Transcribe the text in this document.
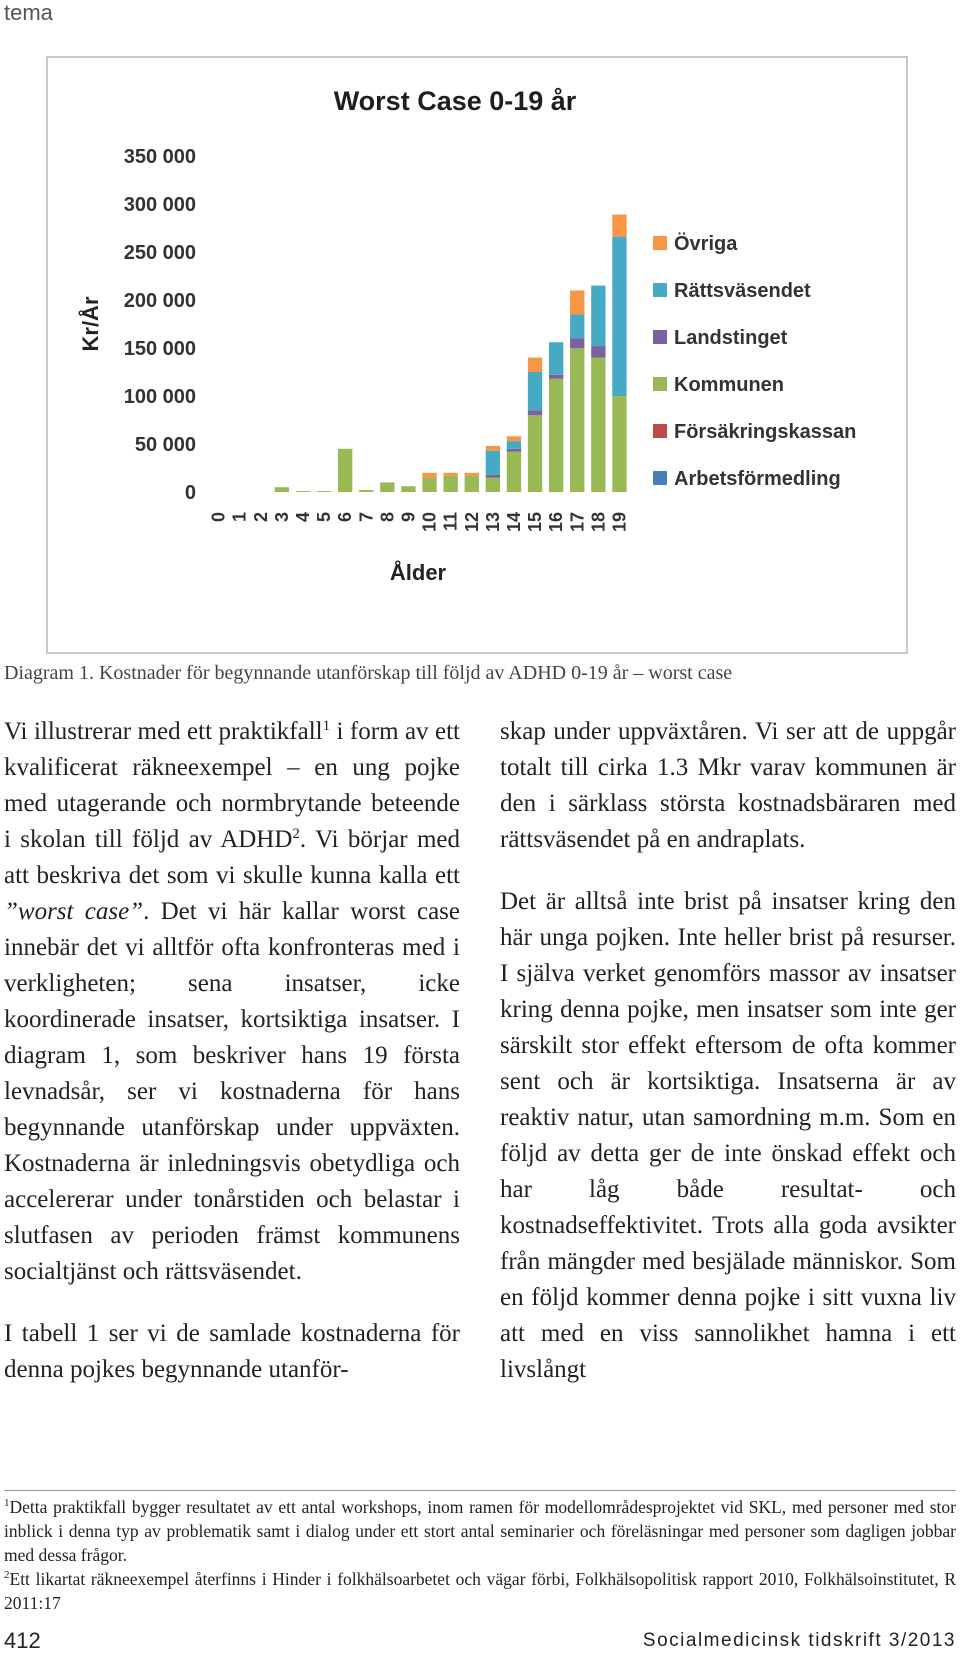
tema
Worst Case 0-19 år
0
50 000
100 000
150 000
200 000
250 000
300 000
350 000
Kr/År
0 1 2 3 4 5 6 7 8 9 10 11 12 13 14 15 16 17 18 19
Ålder
Övriga
Rättsväsendet
Landstinget
Kommunen
Försäkringskassan
Arbetsförmedling
Diagram 1. Kostnader för begynnande utanförskap till följd av ADHD 0-19 år – worst case

Vi illustrerar med ett praktikfall$^1$ i form av ett kvalificerat räkneexempel – en ung pojke med utagerande och normbrytande beteende i skolan till följd av ADHD$^2$. Vi börjar med att beskriva det som vi skulle kunna kalla ett ”worst case”. Det vi här kallar worst case innebär det vi alltför ofta konfronteras med i verkligheten; sena insatser, icke koordinerade insatser, kortsiktiga insatser. I diagram 1, som beskriver hans 19 första levnadsår, ser vi kostnaderna för hans begynnande utanförskap under uppväxten. Kostnaderna är inledningsvis obetydliga och accelererar under tonårstiden och belastar i slutfasen av perioden främst kommunens socialtjänst och rättsväsendet.

I tabell 1 ser vi de samlade kostnaderna för denna pojkes begynnande utanför-

skap under uppväxtåren. Vi ser att de uppgår totalt till cirka 1.3 Mkr varav kommunen är den i särklass största kostnadsbäraren med rättsväsendet på en andraplats.

Det är alltså inte brist på insatser kring den här unga pojken. Inte heller brist på resurser. I själva verket genomförs massor av insatser kring denna pojke, men insatser som inte ger särskilt stor effekt eftersom de ofta kommer sent och är kortsiktiga. Insatserna är av reaktiv natur, utan samordning m.m. Som en följd av detta ger de inte önskad effekt och har låg både resultat- och kostnadseffektivitet. Trots alla goda avsikter från mängder med besjälade människor. Som en följd kommer denna pojke i sitt vuxna liv att med en viss sannolikhet hamna i ett livslångt

$^1$Detta praktikfall bygger resultatet av ett antal workshops, inom ramen för modellområdesprojektet vid SKL, med personer med stor inblick i denna typ av problematik samt i dialog under ett stort antal seminarier och föreläsningar med personer som dagligen jobbar med dessa frågor.

$^2$Ett likartat räkneexempel återfinns i Hinder i folkhälsoarbetet och vägar förbi, Folkhälsopolitisk rapport 2010, Folkhälsoinstitutet, R 2011:17

412	Socialmedicinsk tidskrift 3/2013
